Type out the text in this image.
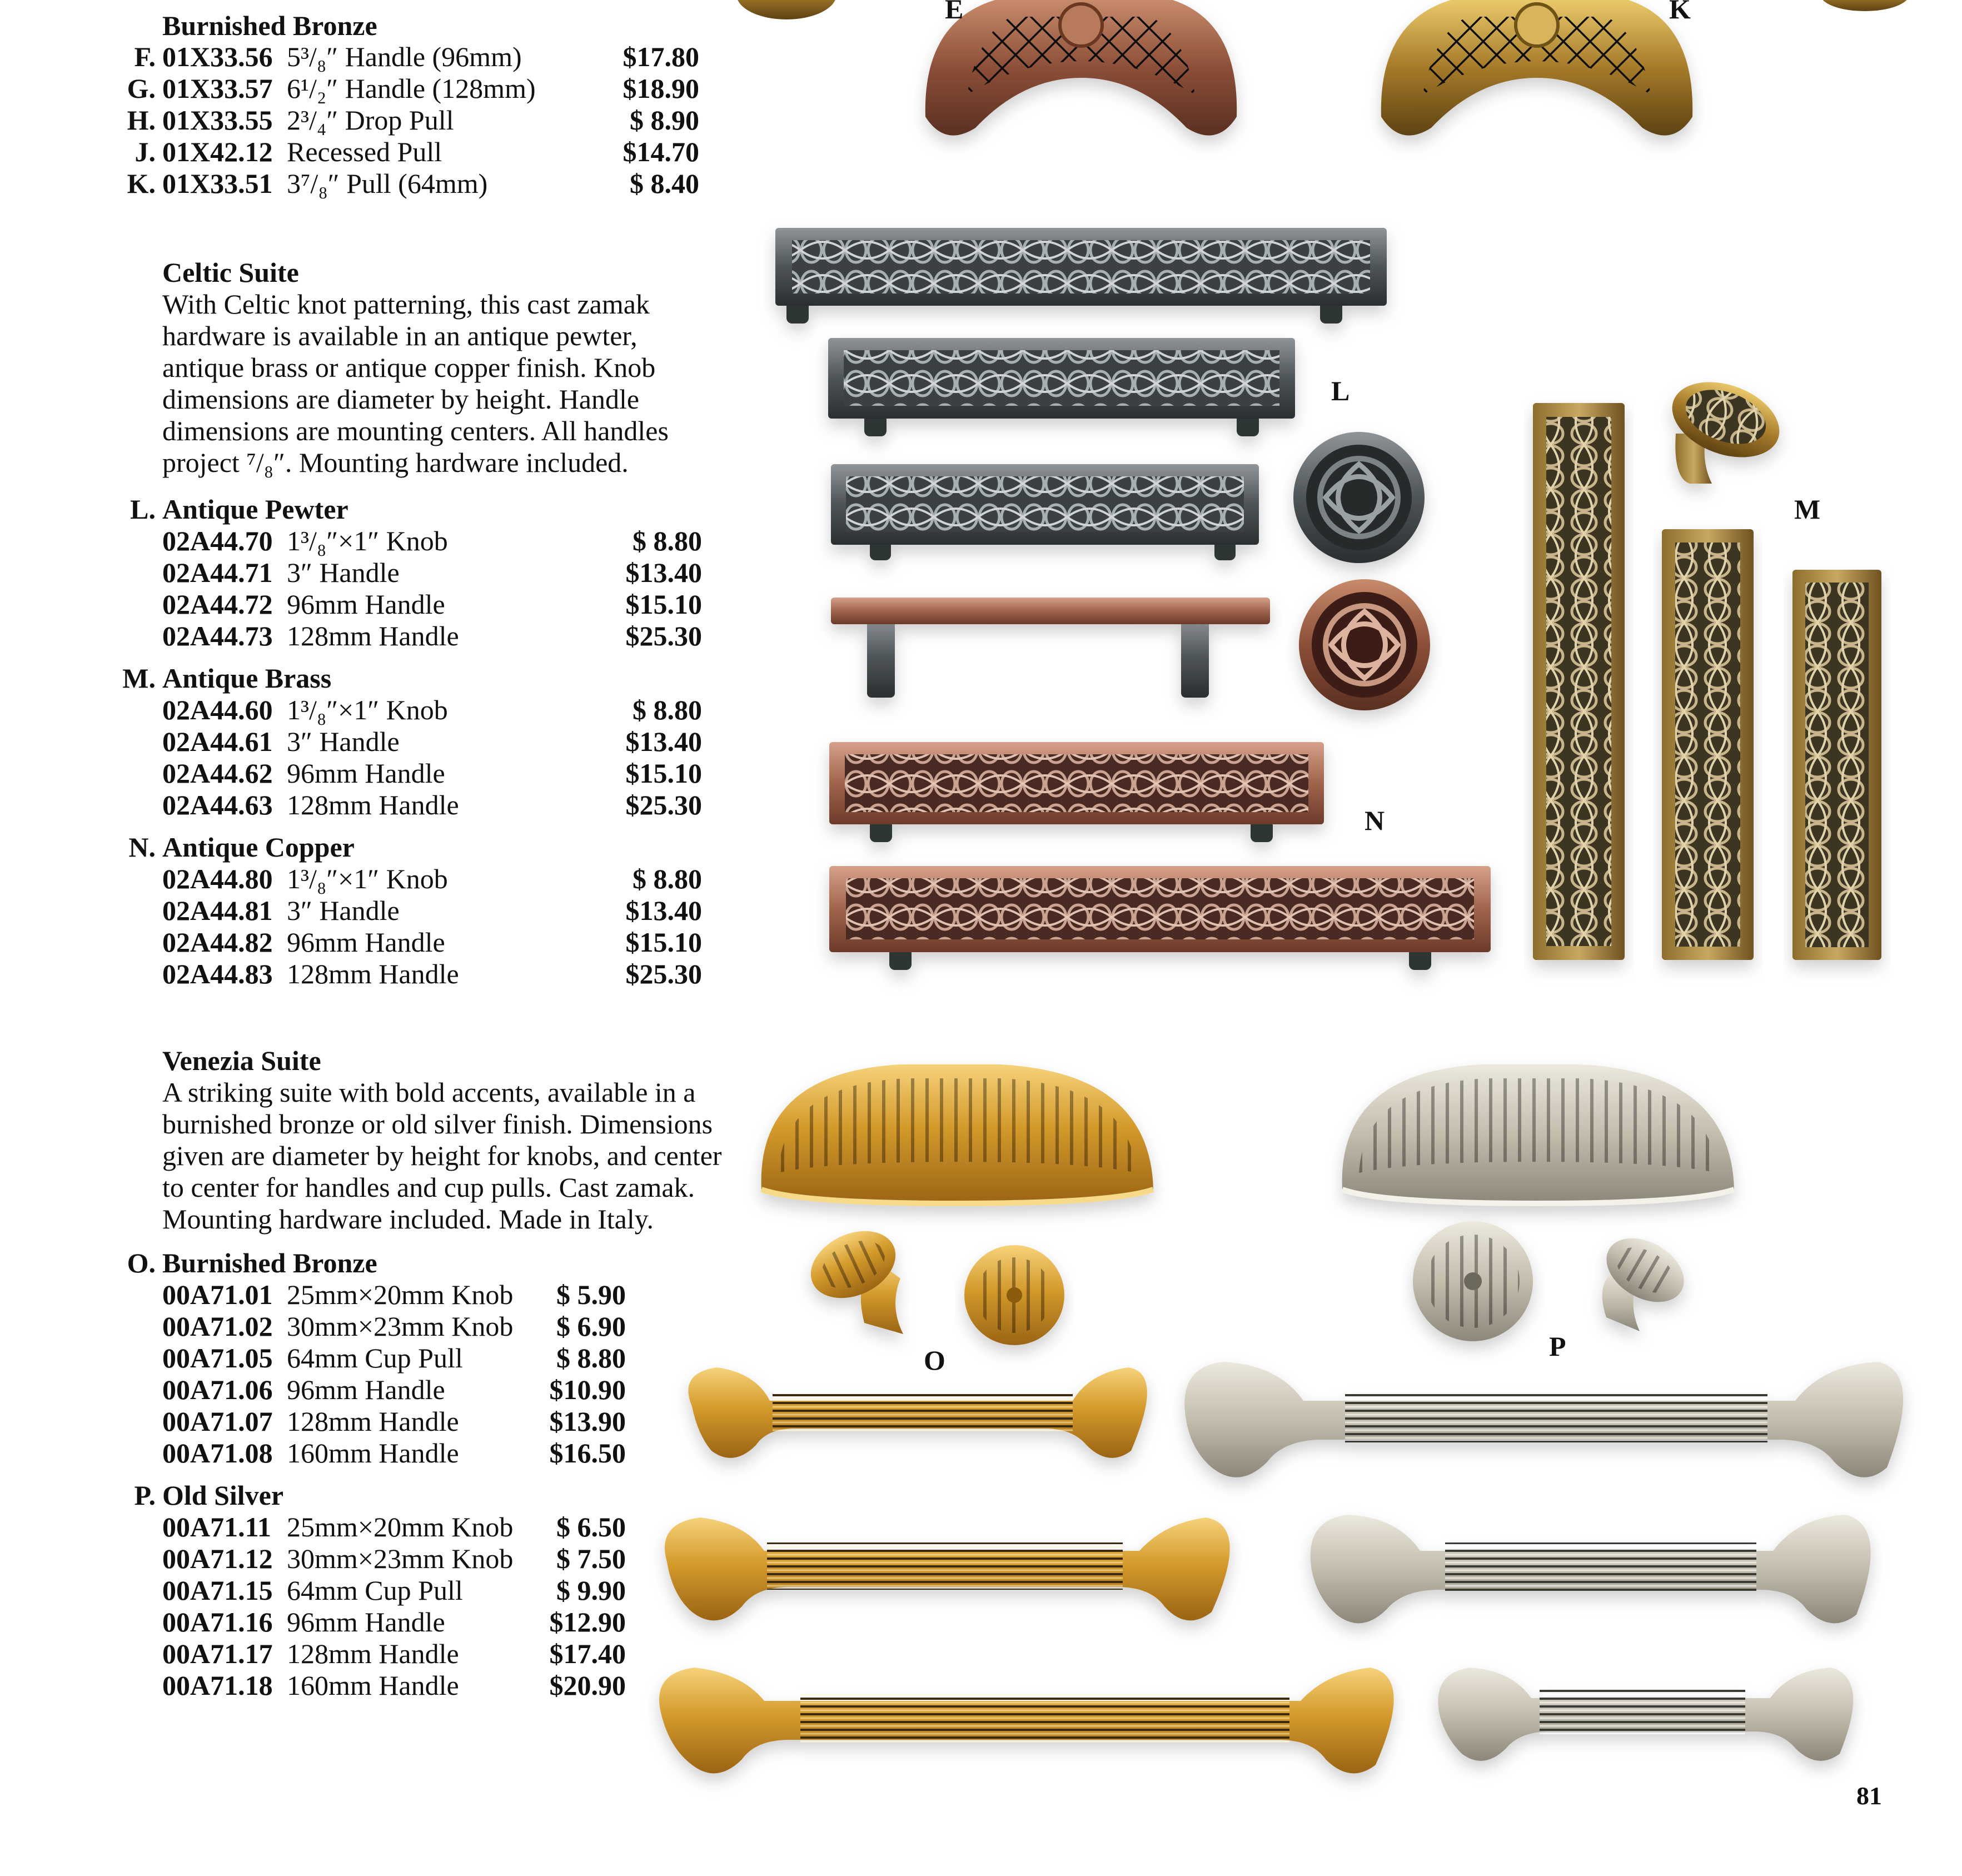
Burnished Bronze
F. 01X33.56 5³/₈″ Handle (96mm)	$17.80
G. 01X33.57 6¹/₂″ Handle (128mm)	$18.90
H. 01X33.55 2³/₄″ Drop Pull	$ 8.90
J. 01X42.12 Recessed Pull	$14.70
K. 01X33.51 3⁷/₈″ Pull (64mm)	$ 8.40
Celtic Suite
With Celtic knot patterning, this cast zamak
hardware is available in an antique pewter,
antique brass or antique copper finish. Knob
dimensions are diameter by height. Handle
dimensions are mounting centers. All handles
project ⁷/₈″. Mounting hardware included.
L. Antique Pewter
02A44.70 1³/₈″×1″ Knob	$ 8.80
02A44.71 3″ Handle	$13.40
02A44.72 96mm Handle	$15.10
02A44.73 128mm Handle	$25.30
M. Antique Brass
02A44.60 1³/₈″×1″ Knob	$ 8.80
02A44.61 3″ Handle	$13.40
02A44.62 96mm Handle	$15.10
02A44.63 128mm Handle	$25.30
N. Antique Copper
02A44.80 1³/₈″×1″ Knob	$ 8.80
02A44.81 3″ Handle	$13.40
02A44.82 96mm Handle	$15.10
02A44.83 128mm Handle	$25.30
Venezia Suite
A striking suite with bold accents, available in a
burnished bronze or old silver finish. Dimensions
given are diameter by height for knobs, and center
to center for handles and cup pulls. Cast zamak.
Mounting hardware included. Made in Italy.
O. Burnished Bronze
00A71.01 25mm×20mm Knob	$ 5.90
00A71.02 30mm×23mm Knob	$ 6.90
00A71.05 64mm Cup Pull	$ 8.80
00A71.06 96mm Handle	$10.90
00A71.07 128mm Handle	$13.90
00A71.08 160mm Handle	$16.50
P. Old Silver
00A71.11 25mm×20mm Knob	$ 6.50
00A71.12 30mm×23mm Knob	$ 7.50
00A71.15 64mm Cup Pull	$ 9.90
00A71.16 96mm Handle	$12.90
00A71.17 128mm Handle	$17.40
00A71.18 160mm Handle	$20.90
E	K
L
M
N
O	P
81
